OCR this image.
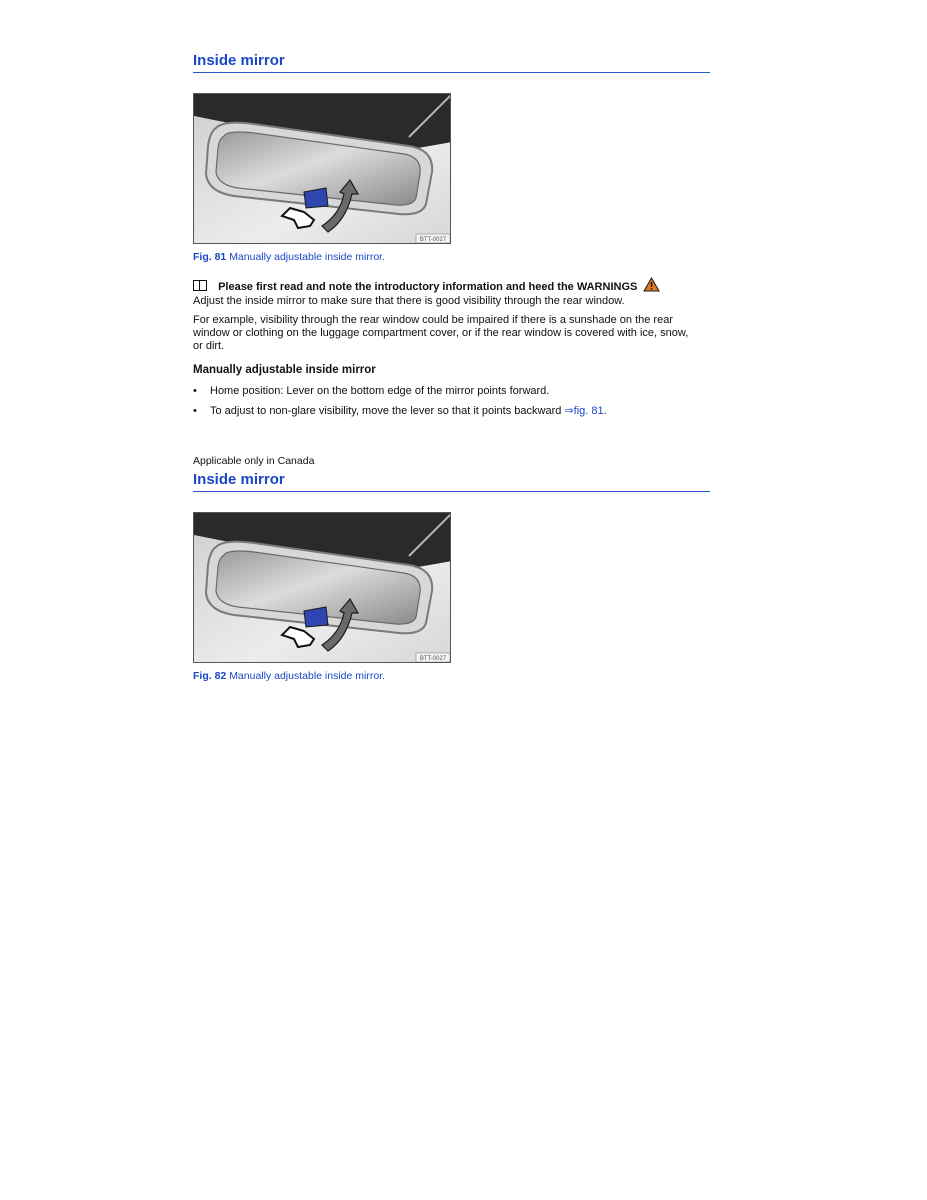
Inside mirror
BTT-0027
Fig. 81 Manually adjustable inside mirror.
Please first read and note the introductory information and heed the WARNINGS
Adjust the inside mirror to make sure that there is good visibility through the rear window.
For example, visibility through the rear window could be impaired if there is a sunshade on the rear
window or clothing on the luggage compartment cover, or if the rear window is covered with ice, snow,
or dirt.
Manually adjustable inside mirror
• Home position: Lever on the bottom edge of the mirror points forward.
• To adjust to non-glare visibility, move the lever so that it points backward ⇒fig. 81.
Applicable only in Canada
Inside mirror
BTT-0027
Fig. 82 Manually adjustable inside mirror.
